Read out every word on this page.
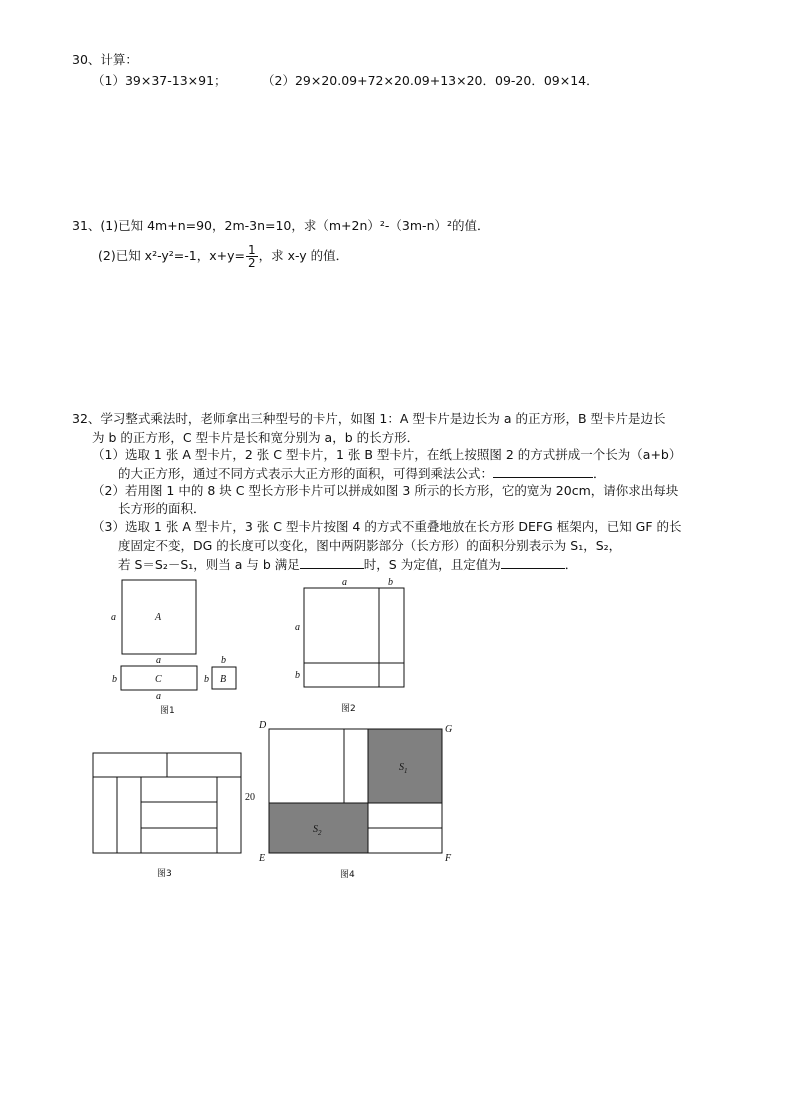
30、计算：
（1）39×37-13×91；	（2）29×20.09+72×20.09+13×20．09-20．09×14．
31、(1)已知 4m+n=90，2m-3n=10，求（m+2n）²-（3m-n）²的值．
(2)已知 x²-y²=-1，$x+y= \frac{1}{2}$ ，求 x-y 的值．
32、学习整式乘法时，老师拿出三种型号的卡片，如图 1：A 型卡片是边长为 a 的正方形，B 型卡片是边长
为 b 的正方形，C 型卡片是长和宽分别为 a，b 的长方形．
（1）选取 1 张 A 型卡片，2 张 C 型卡片，1 张 B 型卡片，在纸上按照图 2 的方式拼成一个长为（a+b）
的大正方形，通过不同方式表示大正方形的面积，可得到乘法公式：	．
（2）若用图 1 中的 8 块 C 型长方形卡片可以拼成如图 3 所示的长方形，它的宽为 20cm，请你求出每块
长方形的面积．
（3）选取 1 张 A 型卡片，3 张 C 型卡片按图 4 的方式不重叠地放在长方形 DEFG 框架内，已知 GF 的长
度固定不变，DG 的长度可以变化，图中两阴影部分（长方形）的面积分别表示为 S₁，S₂，
若 S＝S₂－S₁，则当 a 与 b 满足	时，S 为定值，且定值为	．
A
a
a
C
b
a
B
b
b
图1
a	b
a
b
图2
20
图3
$S_1$
$S_2$
D	G
E	F
图4
